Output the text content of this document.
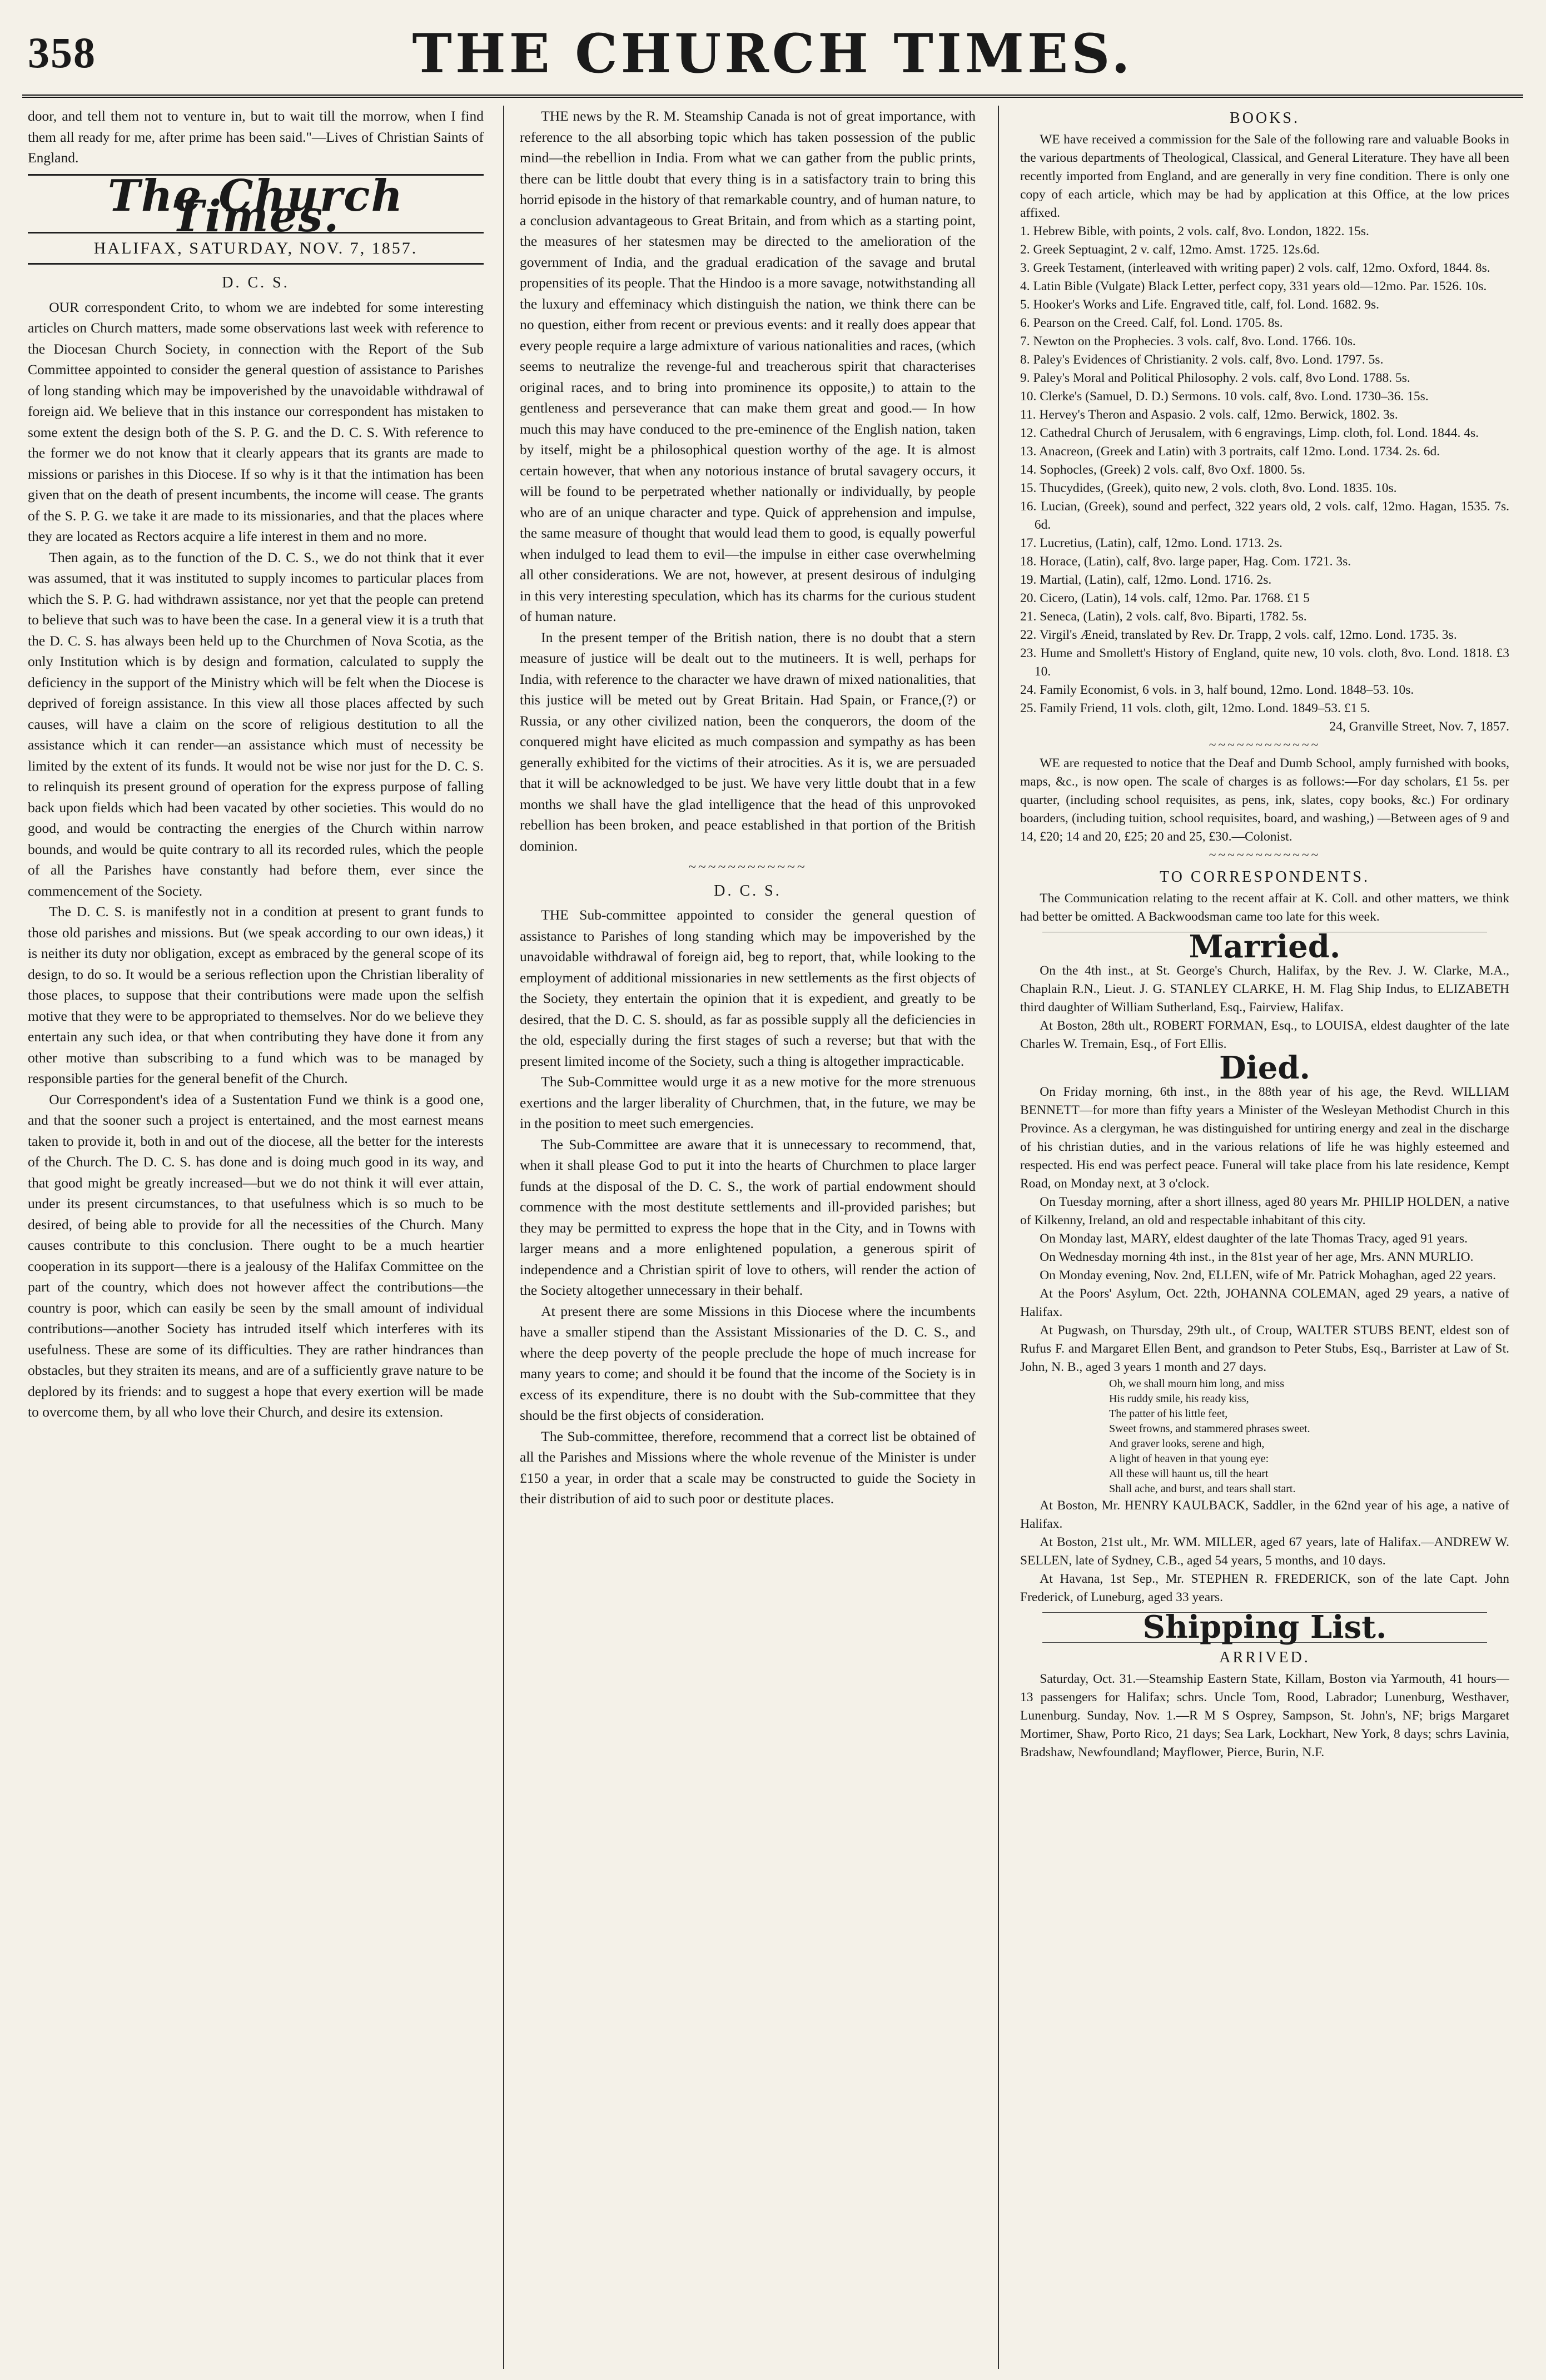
358	THE CHURCH TIMES.

door, and tell them not to venture in, but to wait till the morrow, when I find them all ready for me, after prime has been said."—Lives of Christian Saints of England.

The Church Times.
HALIFAX, SATURDAY, NOV. 7, 1857.
D. C. S.

OUR correspondent Crito, to whom we are indebted for some interesting articles on Church matters, made some observations last week with reference to the Diocesan Church Society, in connection with the Report of the Sub Committee appointed to consider the general question of assistance to Parishes of long standing which may be impoverished by the unavoidable withdrawal of foreign aid. We believe that in this instance our correspondent has mistaken to some extent the design both of the S. P. G. and the D. C. S. With reference to the former we do not know that it clearly appears that its grants are made to missions or parishes in this Diocese. If so why is it that the intimation has been given that on the death of present incumbents, the income will cease. The grants of the S. P. G. we take it are made to its missionaries, and that the places where they are located as Rectors acquire a life interest in them and no more.

Then again, as to the function of the D. C. S., we do not think that it ever was assumed, that it was instituted to supply incomes to particular places from which the S. P. G. had withdrawn assistance, nor yet that the people can pretend to believe that such was to have been the case. In a general view it is a truth that the D. C. S. has always been held up to the Churchmen of Nova Scotia, as the only Institution which is by design and formation, calculated to supply the deficiency in the support of the Ministry which will be felt when the Diocese is deprived of foreign assistance. In this view all those places affected by such causes, will have a claim on the score of religious destitution to all the assistance which it can render—an assistance which must of necessity be limited by the extent of its funds. It would not be wise nor just for the D. C. S. to relinquish its present ground of operation for the express purpose of falling back upon fields which had been vacated by other societies. This would do no good, and would be contracting the energies of the Church within narrow bounds, and would be quite contrary to all its recorded rules, which the people of all the Parishes have constantly had before them, ever since the commencement of the Society.

The D. C. S. is manifestly not in a condition at present to grant funds to those old parishes and missions. But (we speak according to our own ideas,) it is neither its duty nor obligation, except as embraced by the general scope of its design, to do so. It would be a serious reflection upon the Christian liberality of those places, to suppose that their contributions were made upon the selfish motive that they were to be appropriated to themselves. Nor do we believe they entertain any such idea, or that when contributing they have done it from any other motive than subscribing to a fund which was to be managed by responsible parties for the general benefit of the Church.

Our Correspondent's idea of a Sustentation Fund we think is a good one, and that the sooner such a project is entertained, and the most earnest means taken to provide it, both in and out of the diocese, all the better for the interests of the Church. The D. C. S. has done and is doing much good in its way, and that good might be greatly increased—but we do not think it will ever attain, under its present circumstances, to that usefulness which is so much to be desired, of being able to provide for all the necessities of the Church. Many causes contribute to this conclusion. There ought to be a much heartier cooperation in its support—there is a jealousy of the Halifax Committee on the part of the country, which does not however affect the contributions—the country is poor, which can easily be seen by the small amount of individual contributions—another Society has intruded itself which interferes with its usefulness. These are some of its difficulties. They are rather hindrances than obstacles, but they straiten its means, and are of a sufficiently grave nature to be deplored by its friends: and to suggest a hope that every exertion will be made to overcome them, by all who love their Church, and desire its extension.

THE news by the R. M. Steamship Canada is not of great importance, with reference to the all absorbing topic which has taken possession of the public mind—the rebellion in India. From what we can gather from the public prints, there can be little doubt that every thing is in a satisfactory train to bring this horrid episode in the history of that remarkable country, and of human nature, to a conclusion advantageous to Great Britain, and from which as a starting point, the measures of her statesmen may be directed to the amelioration of the government of India, and the gradual eradication of the savage and brutal propensities of its people. That the Hindoo is a more savage, notwithstanding all the luxury and effeminacy which distinguish the nation, we think there can be no question, either from recent or previous events: and it really does appear that every people require a large admixture of various nationalities and races, (which seems to neutralize the revenge-ful and treacherous spirit that characterises original races, and to bring into prominence its opposite,) to attain to the gentleness and perseverance that can make them great and good.— In how much this may have conduced to the pre-eminence of the English nation, taken by itself, might be a philosophical question worthy of the age. It is almost certain however, that when any notorious instance of brutal savagery occurs, it will be found to be perpetrated whether nationally or individually, by people who are of an unique character and type. Quick of apprehension and impulse, the same measure of thought that would lead them to good, is equally powerful when indulged to lead them to evil—the impulse in either case overwhelming all other considerations. We are not, however, at present desirous of indulging in this very interesting speculation, which has its charms for the curious student of human nature.

In the present temper of the British nation, there is no doubt that a stern measure of justice will be dealt out to the mutineers. It is well, perhaps for India, with reference to the character we have drawn of mixed nationalities, that this justice will be meted out by Great Britain. Had Spain, or France,(?) or Russia, or any other civilized nation, been the conquerors, the doom of the conquered might have elicited as much compassion and sympathy as has been generally exhibited for the victims of their atrocities. As it is, we are persuaded that it will be acknowledged to be just. We have very little doubt that in a few months we shall have the glad intelligence that the head of this unprovoked rebellion has been broken, and peace established in that portion of the British dominion.

~~~~~~~~~~~~
D. C. S.

THE Sub-committee appointed to consider the general question of assistance to Parishes of long standing which may be impoverished by the unavoidable withdrawal of foreign aid, beg to report, that, while looking to the employment of additional missionaries in new settlements as the first objects of the Society, they entertain the opinion that it is expedient, and greatly to be desired, that the D. C. S. should, as far as possible supply all the deficiencies in the old, especially during the first stages of such a reverse; but that with the present limited income of the Society, such a thing is altogether impracticable.

The Sub-Committee would urge it as a new motive for the more strenuous exertions and the larger liberality of Churchmen, that, in the future, we may be in the position to meet such emergencies.

The Sub-Committee are aware that it is unnecessary to recommend, that, when it shall please God to put it into the hearts of Churchmen to place larger funds at the disposal of the D. C. S., the work of partial endowment should commence with the most destitute settlements and ill-provided parishes; but they may be permitted to express the hope that in the City, and in Towns with larger means and a more enlightened population, a generous spirit of independence and a Christian spirit of love to others, will render the action of the Society altogether unnecessary in their behalf.

At present there are some Missions in this Diocese where the incumbents have a smaller stipend than the Assistant Missionaries of the D. C. S., and where the deep poverty of the people preclude the hope of much increase for many years to come; and should it be found that the income of the Society is in excess of its expenditure, there is no doubt with the Sub-committee that they should be the first objects of consideration.

The Sub-committee, therefore, recommend that a correct list be obtained of all the Parishes and Missions where the whole revenue of the Minister is under £150 a year, in order that a scale may be constructed to guide the Society in their distribution of aid to such poor or destitute places.

BOOKS.

WE have received a commission for the Sale of the following rare and valuable Books in the various departments of Theological, Classical, and General Literature. They have all been recently imported from England, and are generally in very fine condition. There is only one copy of each article, which may be had by application at this Office, at the low prices affixed.

1. Hebrew Bible, with points, 2 vols. calf, 8vo. London, 1822. 15s.

2. Greek Septuagint, 2 v. calf, 12mo. Amst. 1725. 12s.6d.

3. Greek Testament, (interleaved with writing paper) 2 vols. calf, 12mo. Oxford, 1844. 8s.

4. Latin Bible (Vulgate) Black Letter, perfect copy, 331 years old—12mo. Par. 1526. 10s.

5. Hooker's Works and Life. Engraved title, calf, fol. Lond. 1682. 9s.

6. Pearson on the Creed. Calf, fol. Lond. 1705. 8s.

7. Newton on the Prophecies. 3 vols. calf, 8vo. Lond. 1766. 10s.

8. Paley's Evidences of Christianity. 2 vols. calf, 8vo. Lond. 1797. 5s.

9. Paley's Moral and Political Philosophy. 2 vols. calf, 8vo Lond. 1788. 5s.

10. Clerke's (Samuel, D. D.) Sermons. 10 vols. calf, 8vo. Lond. 1730–36. 15s.

11. Hervey's Theron and Aspasio. 2 vols. calf, 12mo. Berwick, 1802. 3s.

12. Cathedral Church of Jerusalem, with 6 engravings, Limp. cloth, fol. Lond. 1844. 4s.

13. Anacreon, (Greek and Latin) with 3 portraits, calf 12mo. Lond. 1734. 2s. 6d.

14. Sophocles, (Greek) 2 vols. calf, 8vo Oxf. 1800. 5s.

15. Thucydides, (Greek), quito new, 2 vols. cloth, 8vo. Lond. 1835. 10s.

16. Lucian, (Greek), sound and perfect, 322 years old, 2 vols. calf, 12mo. Hagan, 1535. 7s. 6d.

17. Lucretius, (Latin), calf, 12mo. Lond. 1713. 2s.

18. Horace, (Latin), calf, 8vo. large paper, Hag. Com. 1721. 3s.

19. Martial, (Latin), calf, 12mo. Lond. 1716. 2s.

20. Cicero, (Latin), 14 vols. calf, 12mo. Par. 1768. £1 5

21. Seneca, (Latin), 2 vols. calf, 8vo. Biparti, 1782. 5s.

22. Virgil's Æneid, translated by Rev. Dr. Trapp, 2 vols. calf, 12mo. Lond. 1735. 3s.

23. Hume and Smollett's History of England, quite new, 10 vols. cloth, 8vo. Lond. 1818. £3 10.

24. Family Economist, 6 vols. in 3, half bound, 12mo. Lond. 1848–53. 10s.

25. Family Friend, 11 vols. cloth, gilt, 12mo. Lond. 1849–53. £1 5.

24, Granville Street, Nov. 7, 1857.

~~~~~~~~~~~~

WE are requested to notice that the Deaf and Dumb School, amply furnished with books, maps, &c., is now open. The scale of charges is as follows:—For day scholars, £1 5s. per quarter, (including school requisites, as pens, ink, slates, copy books, &c.) For ordinary boarders, (including tuition, school requisites, board, and washing,) —Between ages of 9 and 14, £20; 14 and 20, £25; 20 and 25, £30.—Colonist.

~~~~~~~~~~~~
TO CORRESPONDENTS.

The Communication relating to the recent affair at K. Coll. and other matters, we think had better be omitted. A Backwoodsman came too late for this week.

Married.

On the 4th inst., at St. George's Church, Halifax, by the Rev. J. W. Clarke, M.A., Chaplain R.N., Lieut. J. G. STANLEY CLARKE, H. M. Flag Ship Indus, to ELIZABETH third daughter of William Sutherland, Esq., Fairview, Halifax.

At Boston, 28th ult., ROBERT FORMAN, Esq., to LOUISA, eldest daughter of the late Charles W. Tremain, Esq., of Fort Ellis.

Died.

On Friday morning, 6th inst., in the 88th year of his age, the Revd. WILLIAM BENNETT—for more than fifty years a Minister of the Wesleyan Methodist Church in this Province. As a clergyman, he was distinguished for untiring energy and zeal in the discharge of his christian duties, and in the various relations of life he was highly esteemed and respected. His end was perfect peace. Funeral will take place from his late residence, Kempt Road, on Monday next, at 3 o'clock.

On Tuesday morning, after a short illness, aged 80 years Mr. PHILIP HOLDEN, a native of Kilkenny, Ireland, an old and respectable inhabitant of this city.

On Monday last, MARY, eldest daughter of the late Thomas Tracy, aged 91 years.

On Wednesday morning 4th inst., in the 81st year of her age, Mrs. ANN MURLIO.

On Monday evening, Nov. 2nd, ELLEN, wife of Mr. Patrick Mohaghan, aged 22 years.

At the Poors' Asylum, Oct. 22th, JOHANNA COLEMAN, aged 29 years, a native of Halifax.

At Pugwash, on Thursday, 29th ult., of Croup, WALTER STUBS BENT, eldest son of Rufus F. and Margaret Ellen Bent, and grandson to Peter Stubs, Esq., Barrister at Law of St. John, N. B., aged 3 years 1 month and 27 days.

Oh, we shall mourn him long, and miss
His ruddy smile, his ready kiss,
The patter of his little feet,
Sweet frowns, and stammered phrases sweet.
And graver looks, serene and high,
A light of heaven in that young eye:
All these will haunt us, till the heart
Shall ache, and burst, and tears shall start.

At Boston, Mr. HENRY KAULBACK, Saddler, in the 62nd year of his age, a native of Halifax.

At Boston, 21st ult., Mr. WM. MILLER, aged 67 years, late of Halifax.—ANDREW W. SELLEN, late of Sydney, C.B., aged 54 years, 5 months, and 10 days.

At Havana, 1st Sep., Mr. STEPHEN R. FREDERICK, son of the late Capt. John Frederick, of Luneburg, aged 33 years.

Shipping List.
ARRIVED.

Saturday, Oct. 31.—Steamship Eastern State, Killam, Boston via Yarmouth, 41 hours—13 passengers for Halifax; schrs. Uncle Tom, Rood, Labrador; Lunenburg, Westhaver, Lunenburg. Sunday, Nov. 1.—R M S Osprey, Sampson, St. John's, NF; brigs Margaret Mortimer, Shaw, Porto Rico, 21 days; Sea Lark, Lockhart, New York, 8 days; schrs Lavinia, Bradshaw, Newfoundland; Mayflower, Pierce, Burin, N.F.
